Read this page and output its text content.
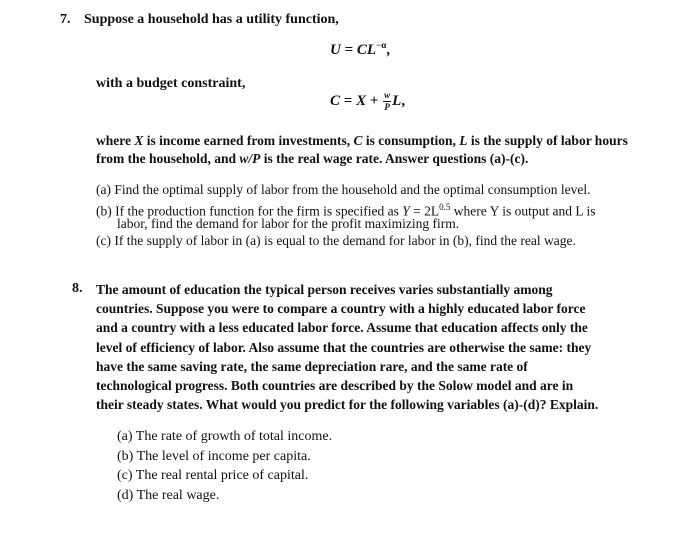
7. Suppose a household has a utility function,
$U = CL^{-\alpha}$,
with a budget constraint,
$C = X + \frac{w}{P} L$,
where X is income earned from investments, C is consumption, L is the supply of labor hours
from the household, and w/P is the real wage rate. Answer questions (a)-(c).
(a) Find the optimal supply of labor from the household and the optimal consumption level.
(b) If the production function for the firm is specified as $Y = 2L^{0.5}$ where Y is output and L is
labor, find the demand for labor for the profit maximizing firm.
(c) If the supply of labor in (a) is equal to the demand for labor in (b), find the real wage.
8. The amount of education the typical person receives varies substantially among
countries. Suppose you were to compare a country with a highly educated labor force
and a country with a less educated labor force. Assume that education affects only the
level of efficiency of labor. Also assume that the countries are otherwise the same: they
have the same saving rate, the same depreciation rare, and the same rate of
technological progress. Both countries are described by the Solow model and are in
their steady states. What would you predict for the following variables (a)-(d)? Explain.
(a) The rate of growth of total income.
(b) The level of income per capita.
(c) The real rental price of capital.
(d) The real wage.
